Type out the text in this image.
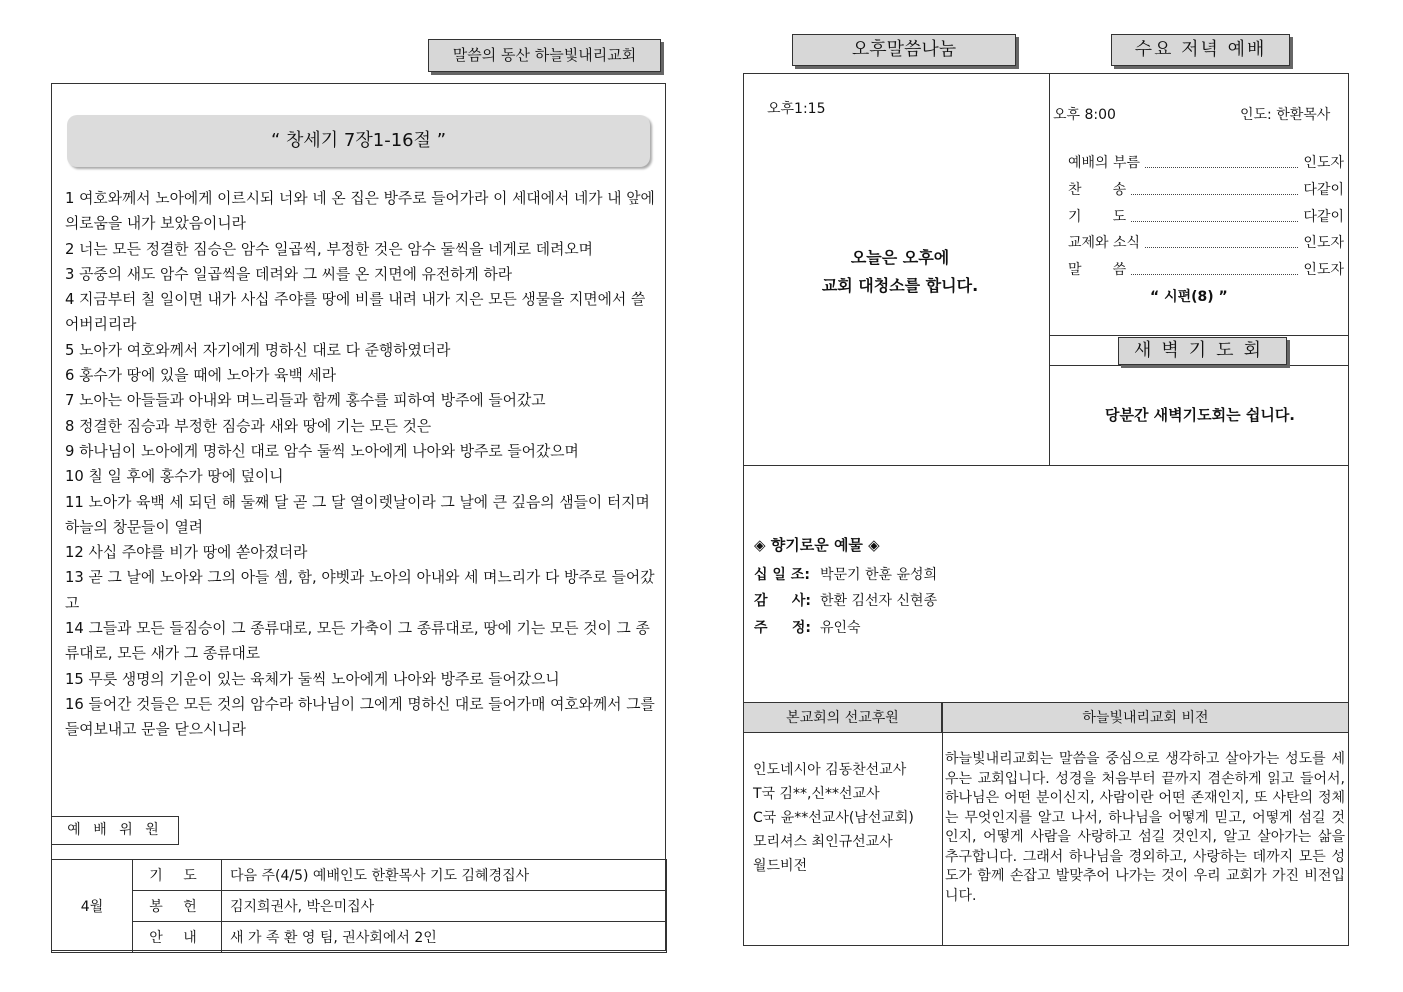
말씀의 동산 하늘빛내리교회
“ 창세기 7장1-16절 ”
1 여호와께서 노아에게 이르시되 너와 네 온 집은 방주로 들어가라 이 세대에서 네가 내 앞에 의로움을 내가 보았음이니라
2 너는 모든 정결한 짐승은 암수 일곱씩, 부정한 것은 암수 둘씩을 네게로 데려오며
3 공중의 새도 암수 일곱씩을 데려와 그 씨를 온 지면에 유전하게 하라
4 지금부터 칠 일이면 내가 사십 주야를 땅에 비를 내려 내가 지은 모든 생물을 지면에서 쓸어버리리라
5 노아가 여호와께서 자기에게 명하신 대로 다 준행하였더라
6 홍수가 땅에 있을 때에 노아가 육백 세라
7 노아는 아들들과 아내와 며느리들과 함께 홍수를 피하여 방주에 들어갔고
8 정결한 짐승과 부정한 짐승과 새와 땅에 기는 모든 것은
9 하나님이 노아에게 명하신 대로 암수 둘씩 노아에게 나아와 방주로 들어갔으며
10 칠 일 후에 홍수가 땅에 덮이니
11 노아가 육백 세 되던 해 둘째 달 곧 그 달 열이렛날이라 그 날에 큰 깊음의 샘들이 터지며 하늘의 창문들이 열려
12 사십 주야를 비가 땅에 쏟아졌더라
13 곧 그 날에 노아와 그의 아들 셈, 함, 야벳과 노아의 아내와 세 며느리가 다 방주로 들어갔고
14 그들과 모든 들짐승이 그 종류대로, 모든 가축이 그 종류대로, 땅에 기는 모든 것이 그 종류대로, 모든 새가 그 종류대로
15 무릇 생명의 기운이 있는 육체가 둘씩 노아에게 나아와 방주로 들어갔으니
16 들어간 것들은 모든 것의 암수라 하나님이 그에게 명하신 대로 들어가매 여호와께서 그를 들여보내고 문을 닫으시니라
예 배 위 원
4월	기 도	다음 주(4/5) 예배인도 한환목사 기도 김혜경집사
	봉 헌	김지희권사, 박은미집사
	안 내	새 가 족 환 영 팀, 권사회에서 2인
오후말씀나눔	수요 저녁 예배
오후1:15
오늘은 오후에
교회 대청소를 합니다.
오후 8:00	인도: 한환목사
예배의 부름	인도자
찬       송	다같이
기       도	다같이
교제와 소식	인도자
말       씀	인도자
“ 시편(8) ”
새벽기도회
당분간 새벽기도회는 쉽니다.
◈ 향기로운 예물 ◈
십 일 조: 박문기 한훈 윤성희
감     사: 한환 김선자 신현종
주     정: 유인숙
본교회의 선교후원	하늘빛내리교회 비전
인도네시아 김동찬선교사
T국 김**,신**선교사
C국 윤**선교사(남선교회)
모리셔스 최인규선교사
월드비전
하늘빛내리교회는 말씀을 중심으로 생각하고 살아가는 성도를 세우는 교회입니다. 성경을 처음부터 끝까지 겸손하게 읽고 들어서, 하나님은 어떤 분이신지, 사람이란 어떤 존재인지, 또 사탄의 정체는 무엇인지를 알고 나서, 하나님을 어떻게 믿고, 어떻게 섬길 것인지, 어떻게 사람을 사랑하고 섬길 것인지, 알고 살아가는 삶을 추구합니다. 그래서 하나님을 경외하고, 사랑하는 데까지 모든 성도가 함께 손잡고 발맞추어 나가는 것이 우리 교회가 가진 비전입니다.
